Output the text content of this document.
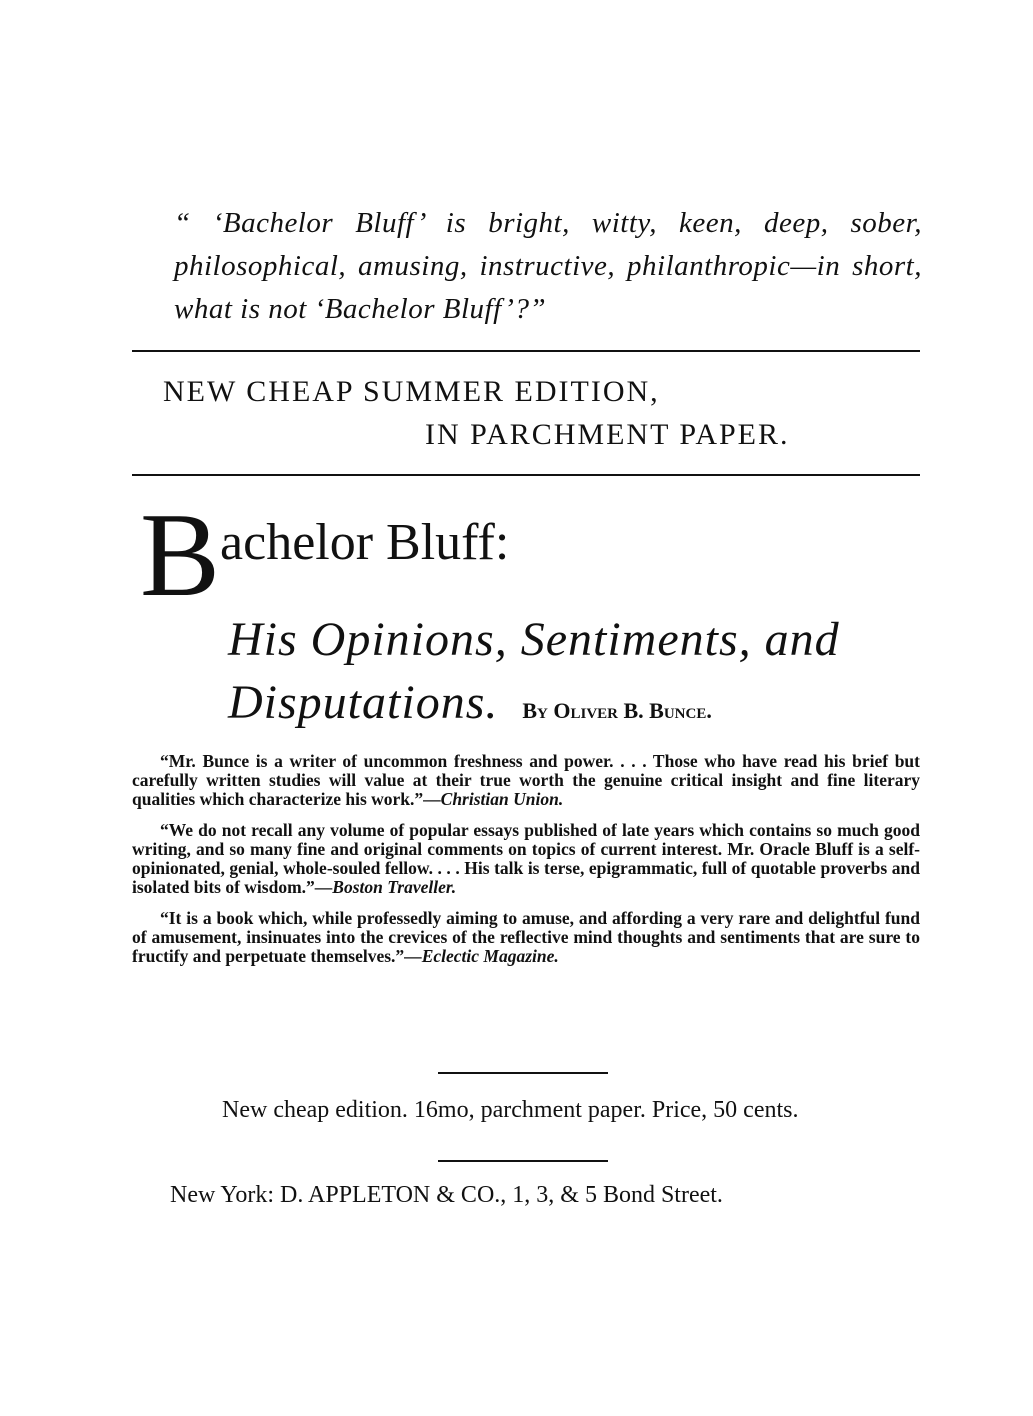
“ ‘Bachelor Bluff’ is bright, witty, keen, deep, sober, philosophical, amusing, instructive, philanthropic—in short, what is not ‘Bachelor Bluff’?”
NEW CHEAP SUMMER EDITION,
IN PARCHMENT PAPER.
Bachelor Bluff:
His Opinions, Sentiments, and
Disputations. By Oliver B. Bunce.

“Mr. Bunce is a writer of uncommon freshness and power. . . . Those who have read his brief but carefully written studies will value at their true worth the genuine critical insight and fine literary qualities which characterize his work.”—Christian Union.

“We do not recall any volume of popular essays published of late years which contains so much good writing, and so many fine and original comments on topics of current interest. Mr. Oracle Bluff is a self-opinionated, genial, whole-souled fellow. . . . His talk is terse, epigrammatic, full of quotable proverbs and isolated bits of wisdom.”—Boston Traveller.

“It is a book which, while professedly aiming to amuse, and affording a very rare and delightful fund of amusement, insinuates into the crevices of the reflective mind thoughts and sentiments that are sure to fructify and perpetuate themselves.”—Eclectic Magazine.

New cheap edition. 16mo, parchment paper. Price, 50 cents.
New York: D. APPLETON & CO., 1, 3, & 5 Bond Street.
